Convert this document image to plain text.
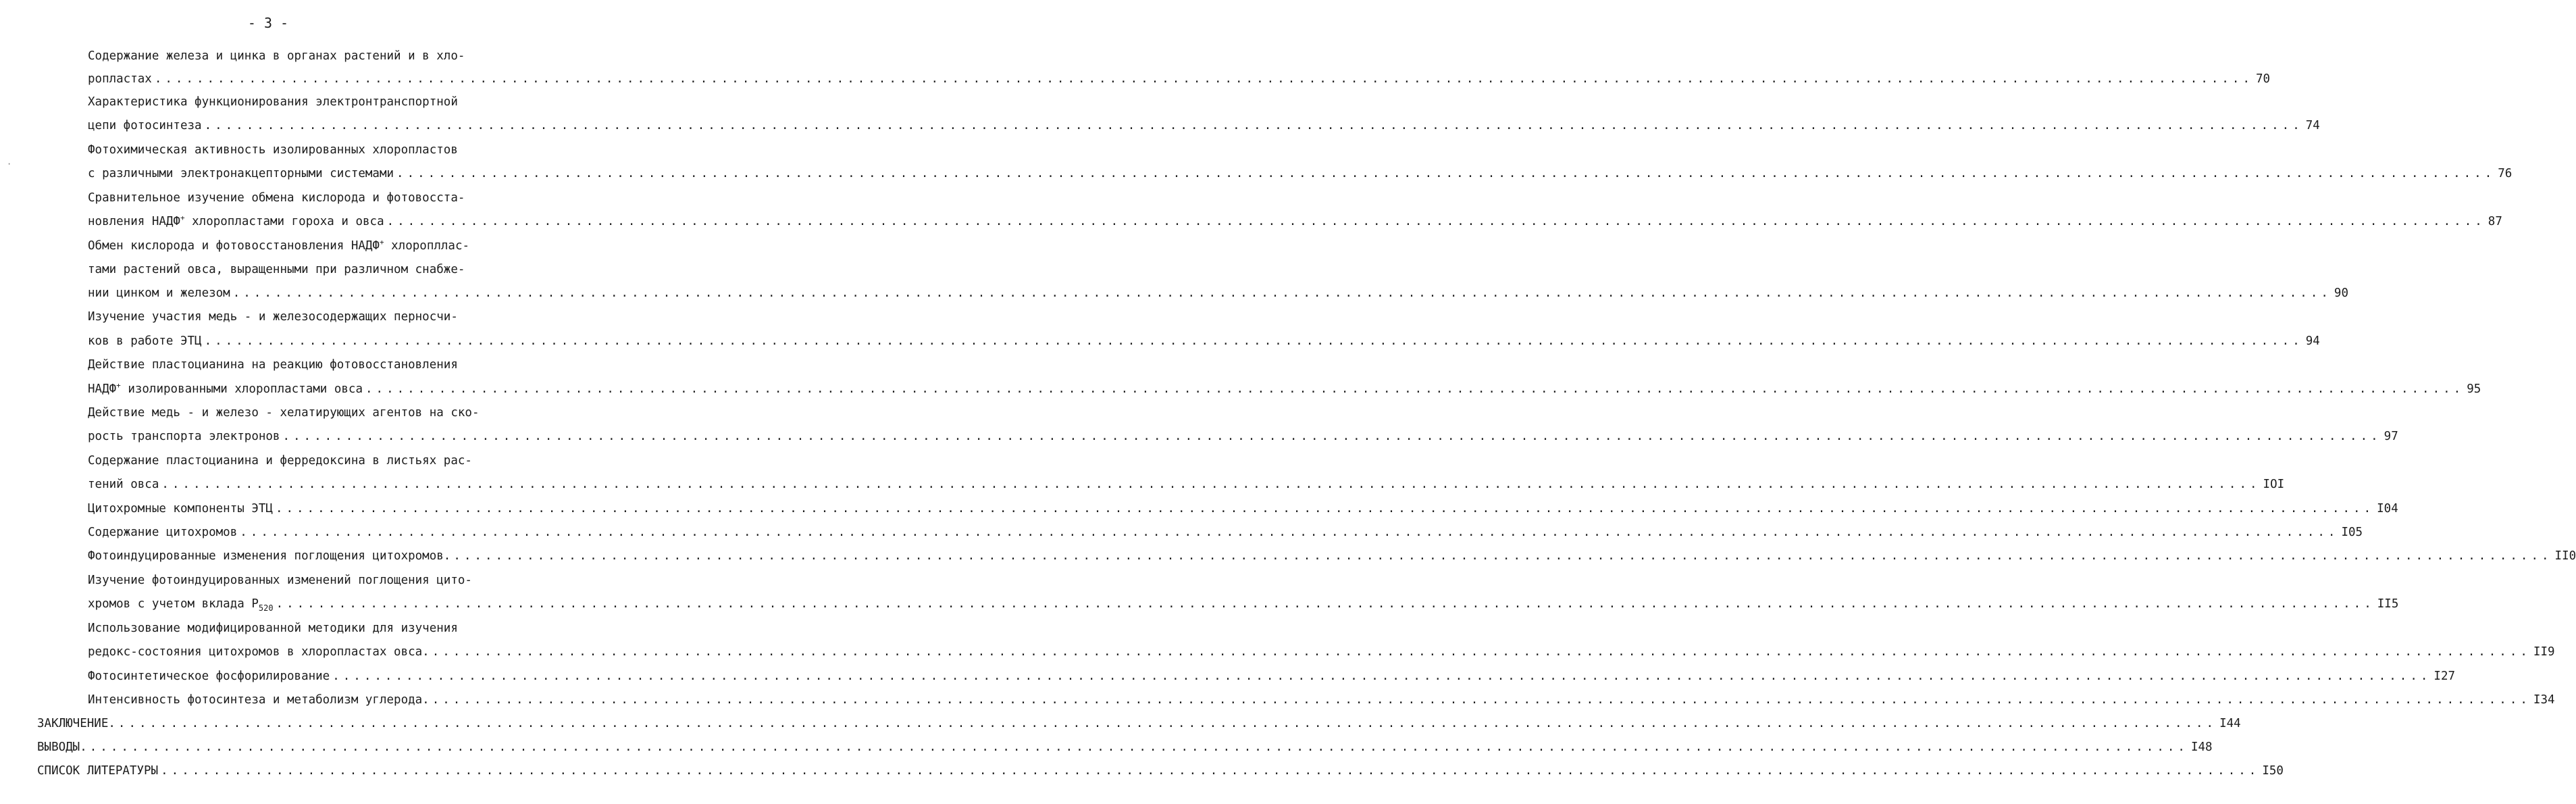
- 3 -
·
Содержание железа и цинка в органах растений и в хло-
ропластах ........................................................................................................................................................................................................ 70
Характеристика функционирования электронтранспортной
цепи фотосинтеза ........................................................................................................................................................................................................ 74
Фотохимическая активность изолированных хлоропластов
с различными электронакцепторными системами ........................................................................................................................................................................................................ 76
Сравнительное изучение обмена кислорода и фотовосста-
новления НАДФ+ хлоропластами гороха и овса ........................................................................................................................................................................................................ 87
Обмен кислорода и фотовосстановления НАДФ+ хлоропллас-
тами растений овса, выращенными при различном снабже-
нии цинком и железом ........................................................................................................................................................................................................ 90
Изучение участия медь - и железосодержащих перносчи-
ков в работе ЭТЦ ........................................................................................................................................................................................................ 94
Действие пластоцианина на реакцию фотовосстановления
НАДФ+ изолированными хлоропластами овса ........................................................................................................................................................................................................ 95
Действие медь - и железо - хелатирующих агентов на ско-
рость транспорта электронов ........................................................................................................................................................................................................ 97
Содержание пластоцианина и ферредоксина в листьях рас-
тений овса ........................................................................................................................................................................................................ IOI
Цитохромные компоненты ЭТЦ ........................................................................................................................................................................................................ I04
Содержание цитохромов ........................................................................................................................................................................................................ I05
Фотоиндуцированные изменения поглощения цитохромов. ........................................................................................................................................................................................................ II0
Изучение фотоиндуцированных изменений поглощения цито-
хромов с учетом вклада $P_{520}$ ........................................................................................................................................................................................................ II5
Использование модифицированной методики для изучения
редокс-состояния цитохромов в хлоропластах овса. ........................................................................................................................................................................................................ II9
Фотосинтетическое фосфорилирование ........................................................................................................................................................................................................ I27
Интенсивность фотосинтеза и метаболизм углерода. ........................................................................................................................................................................................................ I34
ЗАКЛЮЧЕНИЕ. ........................................................................................................................................................................................................ I44
ВЫВОДЫ. ........................................................................................................................................................................................................ I48
СПИСОК ЛИТЕРАТУРЫ ........................................................................................................................................................................................................ I50
